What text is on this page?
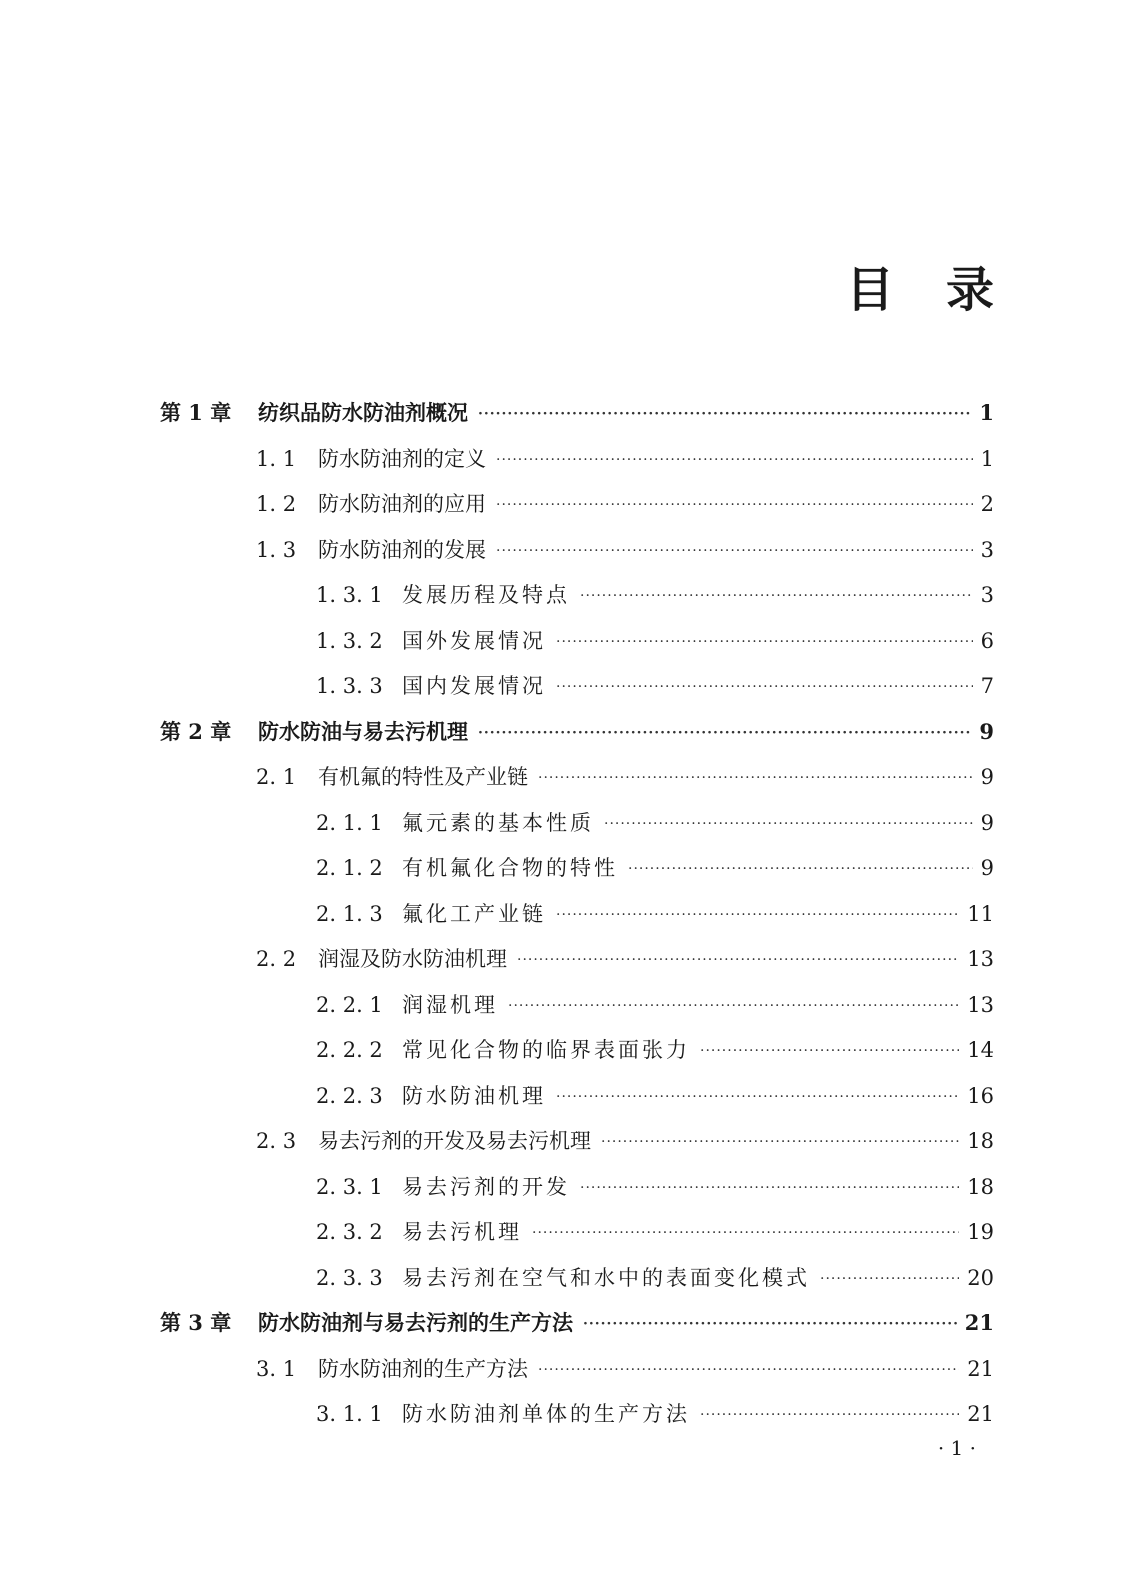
目 录
第 1 章	纺织品防水防油剂概况 ·····	1
1. 1	防水防油剂的定义 ·····	1
1. 2	防水防油剂的应用 ·····	2
1. 3	防水防油剂的发展 ·····	3
1. 3. 1 发展历程及特点 ·····	3
1. 3. 2 国外发展情况 ·····	6
1. 3. 3 国内发展情况 ·····	7
第 2 章	防水防油与易去污机理 ·····	9
2. 1	有机氟的特性及产业链 ·····	9
2. 1. 1 氟元素的基本性质 ·····	9
2. 1. 2 有机氟化合物的特性 ·····	9
2. 1. 3 氟化工产业链 ·····	11
2. 2	润湿及防水防油机理 ·····	13
2. 2. 1 润湿机理 ·····	13
2. 2. 2 常见化合物的临界表面张力 ·····	14
2. 2. 3 防水防油机理 ·····	16
2. 3	易去污剂的开发及易去污机理 ·····	18
2. 3. 1 易去污剂的开发 ·····	18
2. 3. 2 易去污机理 ·····	19
2. 3. 3 易去污剂在空气和水中的表面变化模式 ·····	20
第 3 章	防水防油剂与易去污剂的生产方法 ·····	21
3. 1	防水防油剂的生产方法 ·····	21
3. 1. 1 防水防油剂单体的生产方法 ·····	21
· 1 ·
